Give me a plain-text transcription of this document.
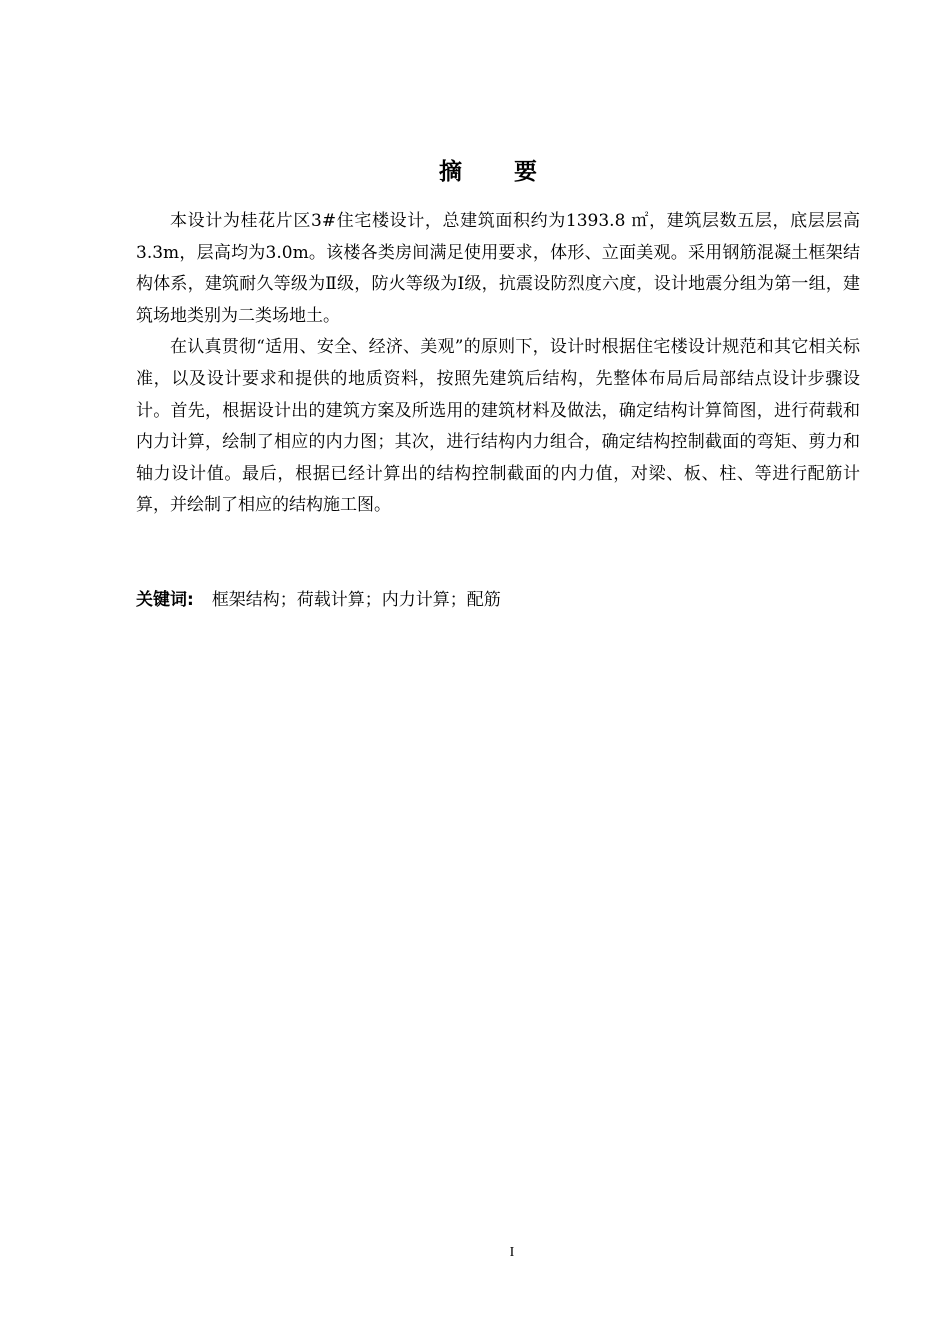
摘 要

本设计为桂花片区3#住宅楼设计，总建筑面积约为1393.8 ㎡，建筑层数五层，底层层高3.3m，层高均为3.0m。该楼各类房间满足使用要求，体形、立面美观。采用钢筋混凝土框架结构体系，建筑耐久等级为Ⅱ级，防火等级为Ⅰ级，抗震设防烈度六度，设计地震分组为第一组，建筑场地类别为二类场地土。

在认真贯彻“适用、安全、经济、美观”的原则下，设计时根据住宅楼设计规范和其它相关标准，以及设计要求和提供的地质资料，按照先建筑后结构，先整体布局后局部结点设计步骤设计。首先，根据设计出的建筑方案及所选用的建筑材料及做法，确定结构计算简图，进行荷载和内力计算，绘制了相应的内力图；其次，进行结构内力组合，确定结构控制截面的弯矩、剪力和轴力设计值。最后，根据已经计算出的结构控制截面的内力值，对梁、板、柱、等进行配筋计算，并绘制了相应的结构施工图。

关键词: 框架结构；荷载计算；内力计算；配筋
I
